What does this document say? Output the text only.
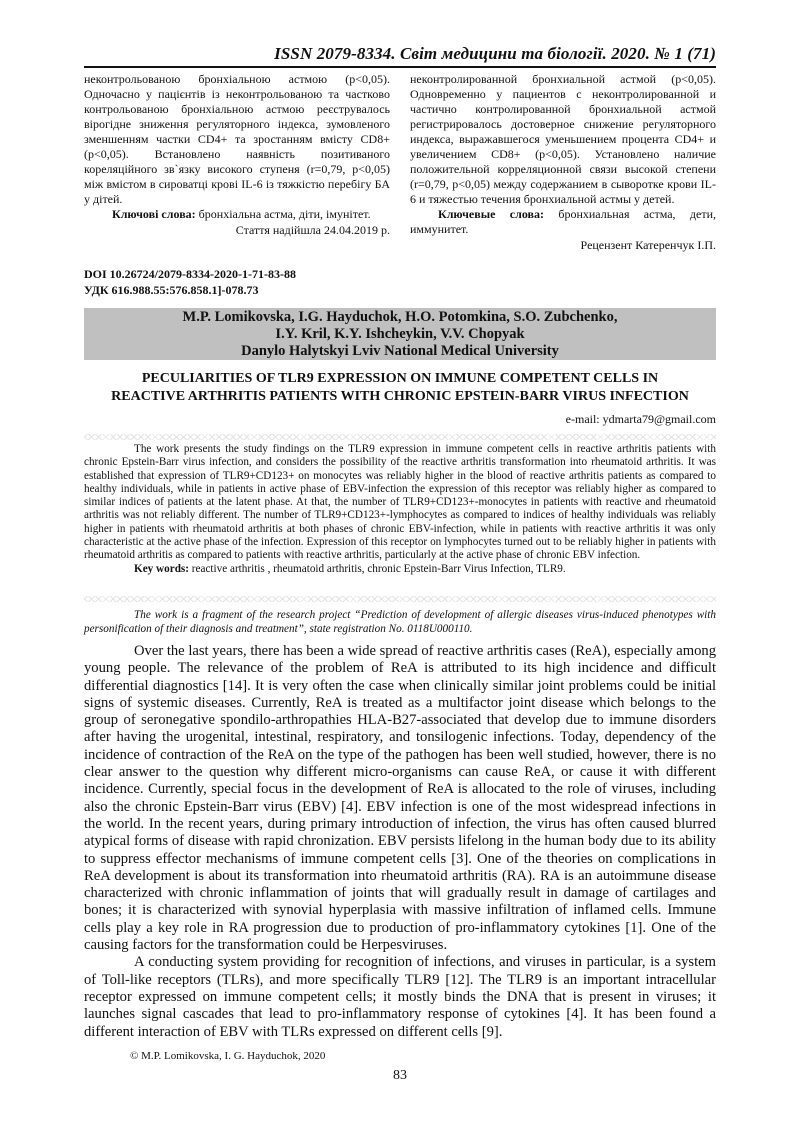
ISSN 2079-8334. Світ медицини та біології. 2020. № 1 (71)

неконтрольованою бронхіальною астмою (р<0,05). Одночасно у пацієнтів із неконтрольованою та частково контрольованою бронхіальною астмою реєструвалось вірогідне зниження регуляторного індекса, зумовленого зменшенням частки CD4+ та зростанням вмісту CD8+ (p<0,05). Встановлено наявність позитиваного кореляційного зв`язку високого ступеня (r=0,79, p<0,05) між вмістом в сироватці крові IL-6 із тяжкістю перебігу БА у дітей.

Ключові слова: бронхіальна астма, діти, імунітет.

Стаття надійшла 24.04.2019 р.

неконтролированной бронхиальной астмой (р<0,05). Одновременно у пациентов с неконтролированной и частично контролированной бронхиальной астмой регистрировалось достоверное снижение регуляторного индекса, выражавшегося уменьшением процента CD4+ и увеличением CD8+ (p<0,05). Установлено наличие положительной корреляционной связи высокой степени (r=0,79, p<0,05) между содержанием в сыворотке крови IL-6 и тяжестью течения бронхиальной астмы у детей.

Ключевые слова: бронхиальная астма, дети, иммунитет.

Рецензент Катеренчук І.П.

DOI 10.26724/2079-8334-2020-1-71-83-88
УДК 616.988.55:576.858.1]-078.73
M.P. Lomikovska, I.G. Hayduchok, H.O. Potomkina, S.O. Zubchenko,
I.Y. Kril, K.Y. Ishcheykin, V.V. Chopyak
Danylo Halytskyi Lviv National Medical University
PECULIARITIES OF TLR9 EXPRESSION ON IMMUNE COMPETENT CELLS IN
REACTIVE ARTHRITIS PATIENTS WITH CHRONIC EPSTEIN-BARR VIRUS INFECTION
e-mail: ydmarta79@gmail.com

The work presents the study findings on the TLR9 expression in immune competent cells in reactive arthritis patients with chronic Epstein-Barr virus infection, and considers the possibility of the reactive arthritis transformation into rheumatoid arthritis. It was established that expression of TLR9+CD123+ on monocytes was reliably higher in the blood of reactive arthritis patients as compared to healthy individuals, while in patients in active phase of EBV-infection the expression of this receptor was reliably higher as compared to similar indices of patients at the latent phase. At that, the number of TLR9+CD123+-monocytes in patients with reactive and rheumatoid arthritis was not reliably different. The number of TLR9+CD123+-lymphocytes as compared to indices of healthy individuals was reliably higher in patients with rheumatoid arthritis at both phases of chronic EBV-infection, while in patients with reactive arthritis it was only characteristic at the active phase of the infection. Expression of this receptor on lymphocytes turned out to be reliably higher in patients with rheumatoid arthritis as compared to patients with reactive arthritis, particularly at the active phase of chronic EBV infection.

Key words: reactive arthritis , rheumatoid arthritis, chronic Epstein-Barr Virus Infection, TLR9.

The work is a fragment of the research project “Prediction of development of allergic diseases virus-induced phenotypes with personification of their diagnosis and treatment”, state registration No. 0118U000110.

Over the last years, there has been a wide spread of reactive arthritis cases (ReA), especially among young people. The relevance of the problem of ReA is attributed to its high incidence and difficult differential diagnostics [14]. It is very often the case when clinically similar joint problems could be initial signs of systemic diseases. Currently, ReA is treated as a multifactor joint disease which belongs to the group of seronegative spondilo-arthropathies HLA-B27-associated that develop due to immune disorders after having the urogenital, intestinal, respiratory, and tonsilogenic infections. Today, dependency of the incidence of contraction of the ReA on the type of the pathogen has been well studied, however, there is no clear answer to the question why different micro-organisms can cause ReA, or cause it with different incidence. Currently, special focus in the development of ReA is allocated to the role of viruses, including also the chronic Epstein-Barr virus (EBV) [4]. EBV infection is one of the most widespread infections in the world. In the recent years, during primary introduction of infection, the virus has often caused blurred atypical forms of disease with rapid chronization. EBV persists lifelong in the human body due to its ability to suppress effector mechanisms of immune competent cells [3]. One of the theories on complications in ReA development is about its transformation into rheumatoid arthritis (RA). RA is an autoimmune disease characterized with chronic inflammation of joints that will gradually result in damage of cartilages and bones; it is characterized with synovial hyperplasia with massive infiltration of inflamed cells. Immune cells play a key role in RA progression due to production of pro-inflammatory cytokines [1]. One of the causing factors for the transformation could be Herpesviruses.

A conducting system providing for recognition of infections, and viruses in particular, is a system of Toll-like receptors (TLRs), and more specifically TLR9 [12]. The TLR9 is an important intracellular receptor expressed on immune competent cells; it mostly binds the DNA that is present in viruses; it launches signal cascades that lead to pro-inflammatory response of cytokines [4]. It has been found a different interaction of EBV with TLRs expressed on different cells [9].

© M.P. Lomikovska, I. G. Hayduchok, 2020
83
